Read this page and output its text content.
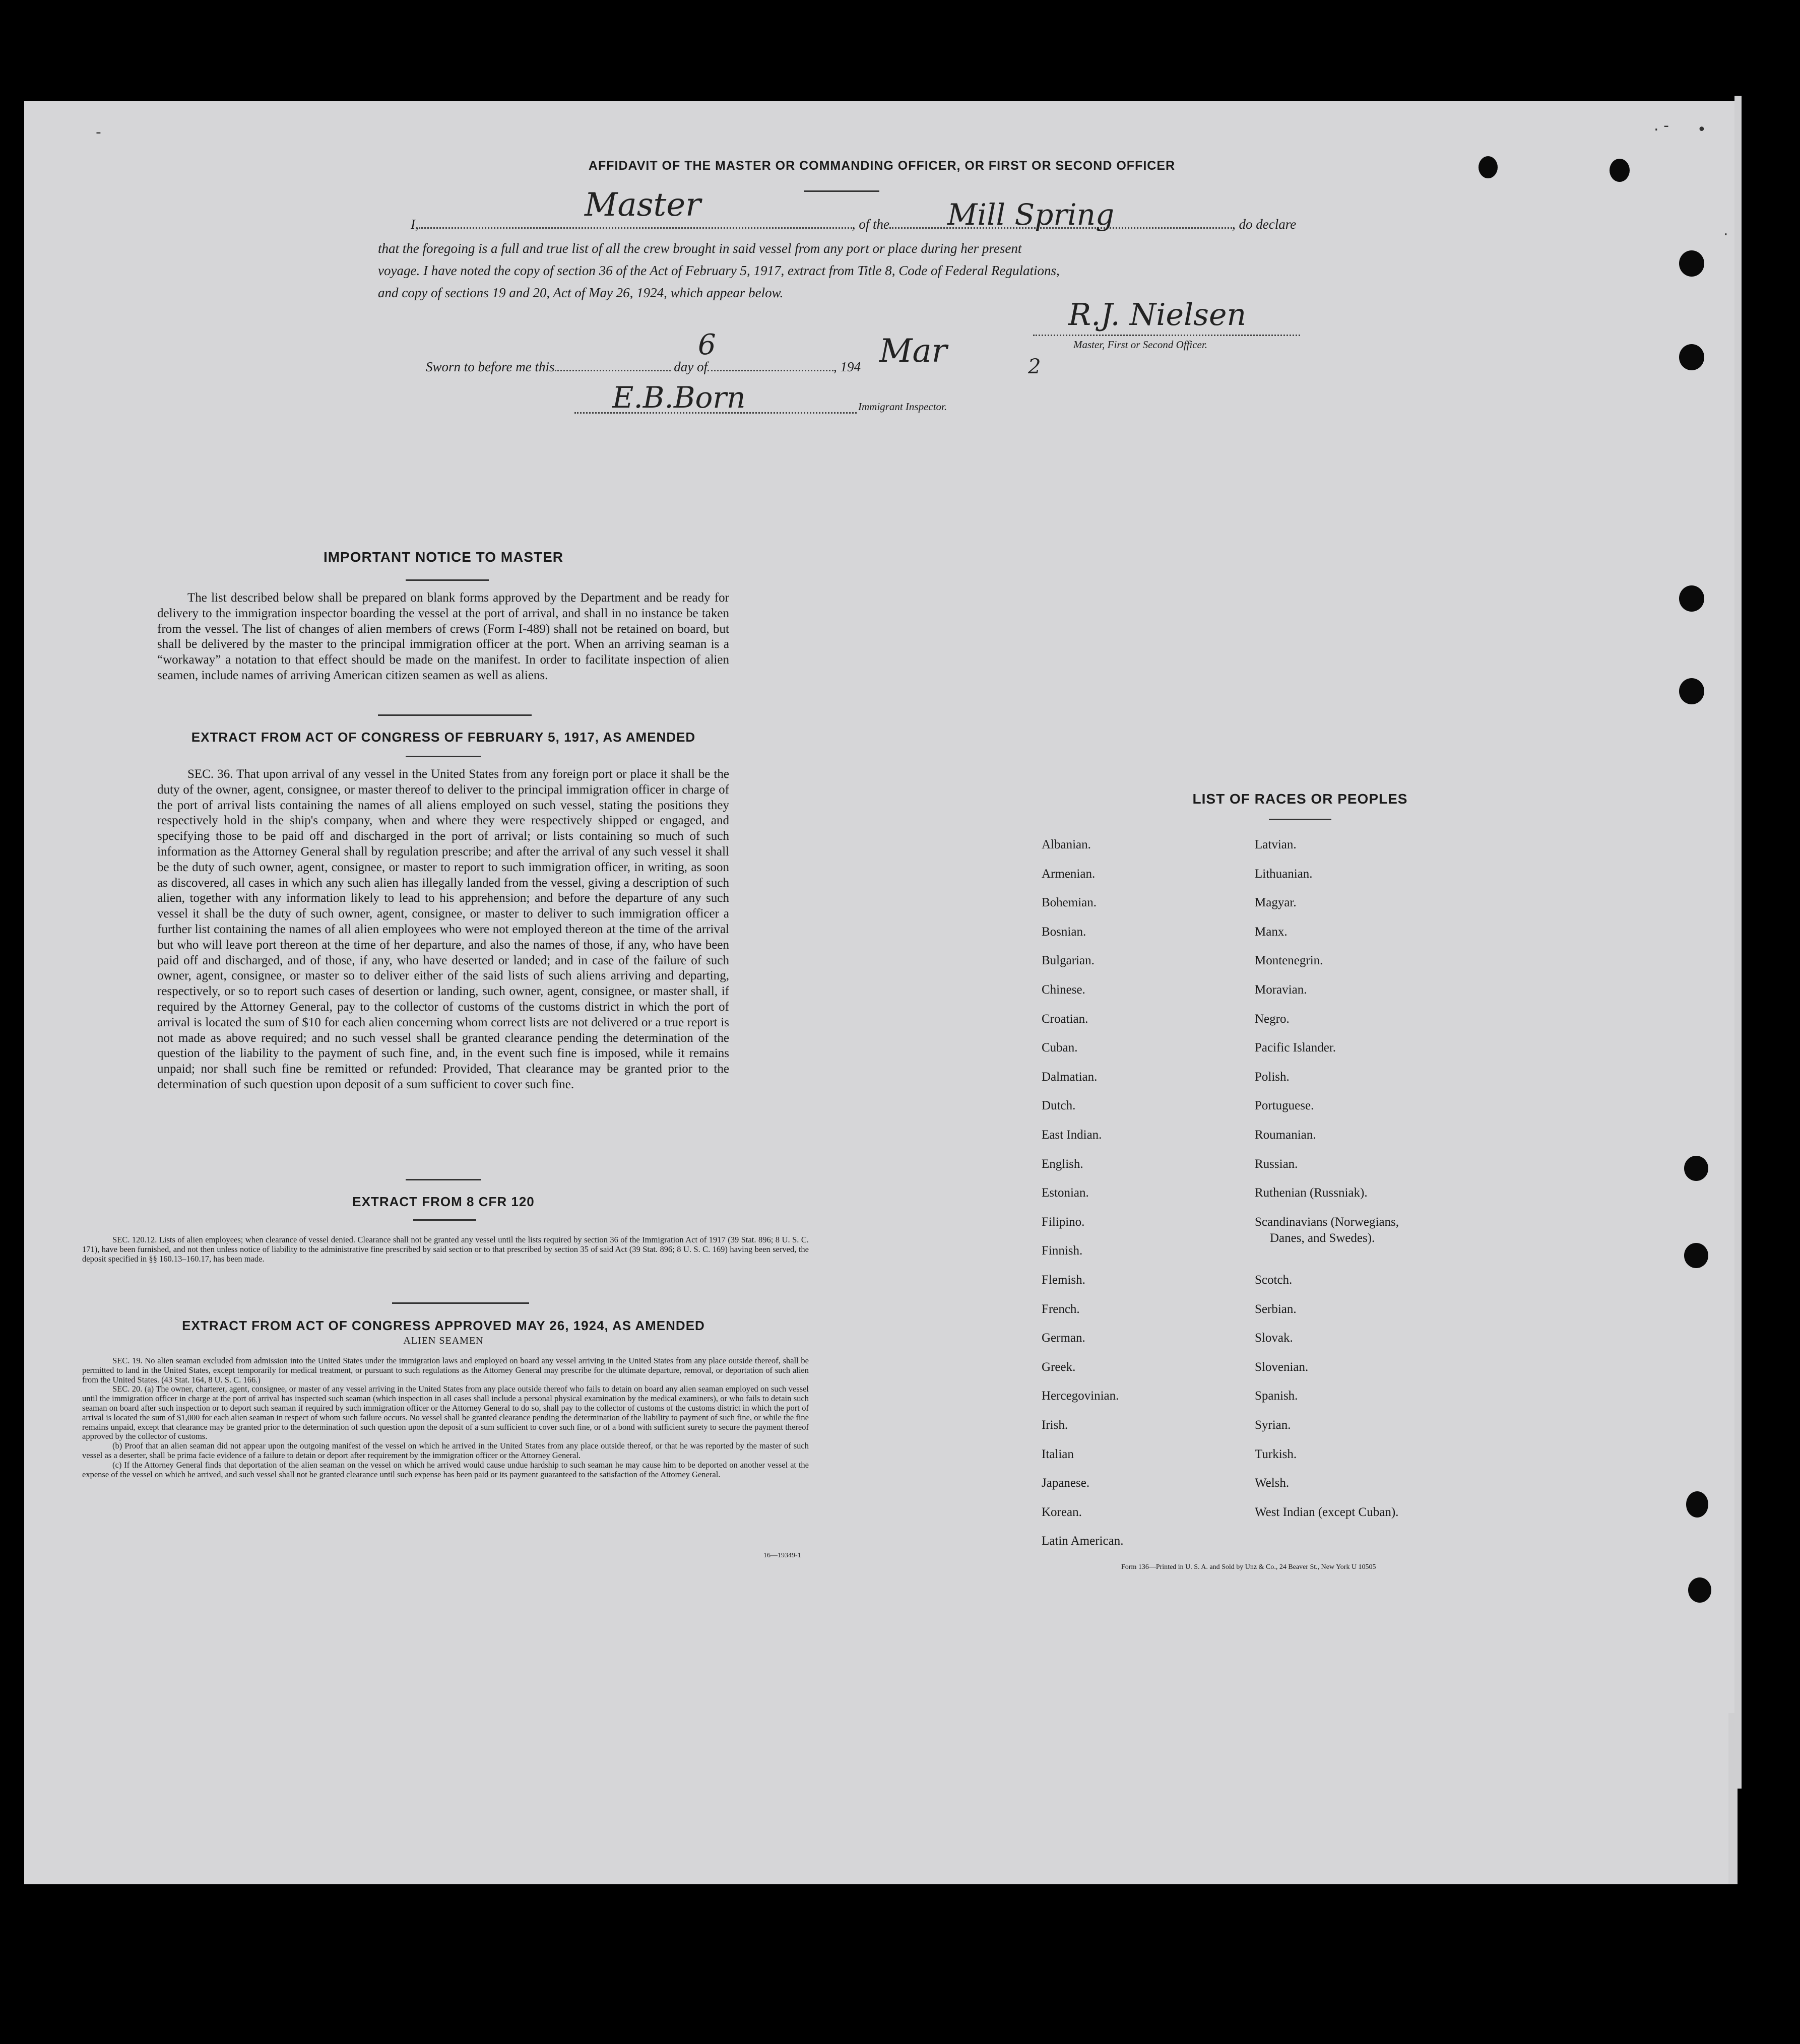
-	. - •
.
AFFIDAVIT OF THE MASTER OR COMMANDING OFFICER, OR FIRST OR SECOND OFFICER
I,	, of the	, do declare
Master	Mill Spring
that the foregoing is a full and true list of all the crew brought in said vessel from any port or place during her present
voyage. I have noted the copy of section 36 of the Act of February 5, 1917, extract from Title 8, Code of Federal Regulations,
and copy of sections 19 and 20, Act of May 26, 1924, which appear below.
R.J. Nielsen
Master, First or Second Officer.
Sworn to before me this	day of	, 194
6	Mar	2
E.B.Born	Immigrant Inspector.
IMPORTANT NOTICE TO MASTER

The list described below shall be prepared on blank forms approved by the Department and be ready for delivery to the immigration inspector boarding the vessel at the port of arrival, and shall in no instance be taken from the vessel. The list of changes of alien members of crews (Form I-489) shall not be retained on board, but shall be delivered by the master to the principal immigration officer at the port. When an arriving seaman is a “workaway” a notation to that effect should be made on the manifest. In order to facilitate inspection of alien seamen, include names of arriving American citizen seamen as well as aliens.

EXTRACT FROM ACT OF CONGRESS OF FEBRUARY 5, 1917, AS AMENDED

SEC. 36. That upon arrival of any vessel in the United States from any foreign port or place it shall be the duty of the owner, agent, consignee, or master thereof to deliver to the principal immigration officer in charge of the port of arrival lists containing the names of all aliens employed on such vessel, stating the positions they respectively hold in the ship's company, when and where they were respectively shipped or engaged, and specifying those to be paid off and discharged in the port of arrival; or lists containing so much of such information as the Attorney General shall by regulation prescribe; and after the arrival of any such vessel it shall be the duty of such owner, agent, consignee, or master to report to such immigration officer, in writing, as soon as discovered, all cases in which any such alien has illegally landed from the vessel, giving a description of such alien, together with any information likely to lead to his apprehension; and before the departure of any such vessel it shall be the duty of such owner, agent, consignee, or master to deliver to such immigration officer a further list containing the names of all alien employees who were not employed thereon at the time of the arrival but who will leave port thereon at the time of her departure, and also the names of those, if any, who have been paid off and discharged, and of those, if any, who have deserted or landed; and in case of the failure of such owner, agent, consignee, or master so to deliver either of the said lists of such aliens arriving and departing, respectively, or so to report such cases of desertion or landing, such owner, agent, consignee, or master shall, if required by the Attorney General, pay to the collector of customs of the customs district in which the port of arrival is located the sum of $10 for each alien concerning whom correct lists are not delivered or a true report is not made as above required; and no such vessel shall be granted clearance pending the determination of the question of the liability to the payment of such fine, and, in the event such fine is imposed, while it remains unpaid; nor shall such fine be remitted or refunded: Provided, That clearance may be granted prior to the determination of such question upon deposit of a sum sufficient to cover such fine.

EXTRACT FROM 8 CFR 120

SEC. 120.12. Lists of alien employees; when clearance of vessel denied. Clearance shall not be granted any vessel until the lists required by section 36 of the Immigration Act of 1917 (39 Stat. 896; 8 U. S. C. 171), have been furnished, and not then unless notice of liability to the administrative fine prescribed by said section or to that prescribed by section 35 of said Act (39 Stat. 896; 8 U. S. C. 169) having been served, the deposit specified in §§ 160.13–160.17, has been made.

EXTRACT FROM ACT OF CONGRESS APPROVED MAY 26, 1924, AS AMENDED
ALIEN SEAMEN

SEC. 19. No alien seaman excluded from admission into the United States under the immigration laws and employed on board any vessel arriving in the United States from any place outside thereof, shall be permitted to land in the United States, except temporarily for medical treatment, or pursuant to such regulations as the Attorney General may prescribe for the ultimate departure, removal, or deportation of such alien from the United States. (43 Stat. 164, 8 U. S. C. 166.)

SEC. 20. (a) The owner, charterer, agent, consignee, or master of any vessel arriving in the United States from any place outside thereof who fails to detain on board any alien seaman employed on such vessel until the immigration officer in charge at the port of arrival has inspected such seaman (which inspection in all cases shall include a personal physical examination by the medical examiners), or who fails to detain such seaman on board after such inspection or to deport such seaman if required by such immigration officer or the Attorney General to do so, shall pay to the collector of customs of the customs district in which the port of arrival is located the sum of $1,000 for each alien seaman in respect of whom such failure occurs. No vessel shall be granted clearance pending the determination of the liability to payment of such fine, or while the fine remains unpaid, except that clearance may be granted prior to the determination of such question upon the deposit of a sum sufficient to cover such fine, or of a bond with sufficient surety to secure the payment thereof approved by the collector of customs.

(b) Proof that an alien seaman did not appear upon the outgoing manifest of the vessel on which he arrived in the United States from any place outside thereof, or that he was reported by the master of such vessel as a deserter, shall be prima facie evidence of a failure to detain or deport after requirement by the immigration officer or the Attorney General.

(c) If the Attorney General finds that deportation of the alien seaman on the vessel on which he arrived would cause undue hardship to such seaman he may cause him to be deported on another vessel at the expense of the vessel on which he arrived, and such vessel shall not be granted clearance until such expense has been paid or its payment guaranteed to the satisfaction of the Attorney General.

16—19349-1
LIST OF RACES OR PEOPLES
Albanian.
Armenian.
Bohemian.
Bosnian.
Bulgarian.
Chinese.
Croatian.
Cuban.
Dalmatian.
Dutch.
East Indian.
English.
Estonian.
Filipino.
Finnish.
Flemish.
French.
German.
Greek.
Hercegovinian.
Irish.
Italian
Japanese.
Korean.
Latin American.
Latvian.
Lithuanian.
Magyar.
Manx.
Montenegrin.
Moravian.
Negro.
Pacific Islander.
Polish.
Portuguese.
Roumanian.
Russian.
Ruthenian (Russniak).
Scandinavians (Norwegians,
Danes, and Swedes).
Scotch.
Serbian.
Slovak.
Slovenian.
Spanish.
Syrian.
Turkish.
Welsh.
West Indian (except Cuban).
Form 136—Printed in U. S. A. and Sold by Unz & Co., 24 Beaver St., New York U 10505
